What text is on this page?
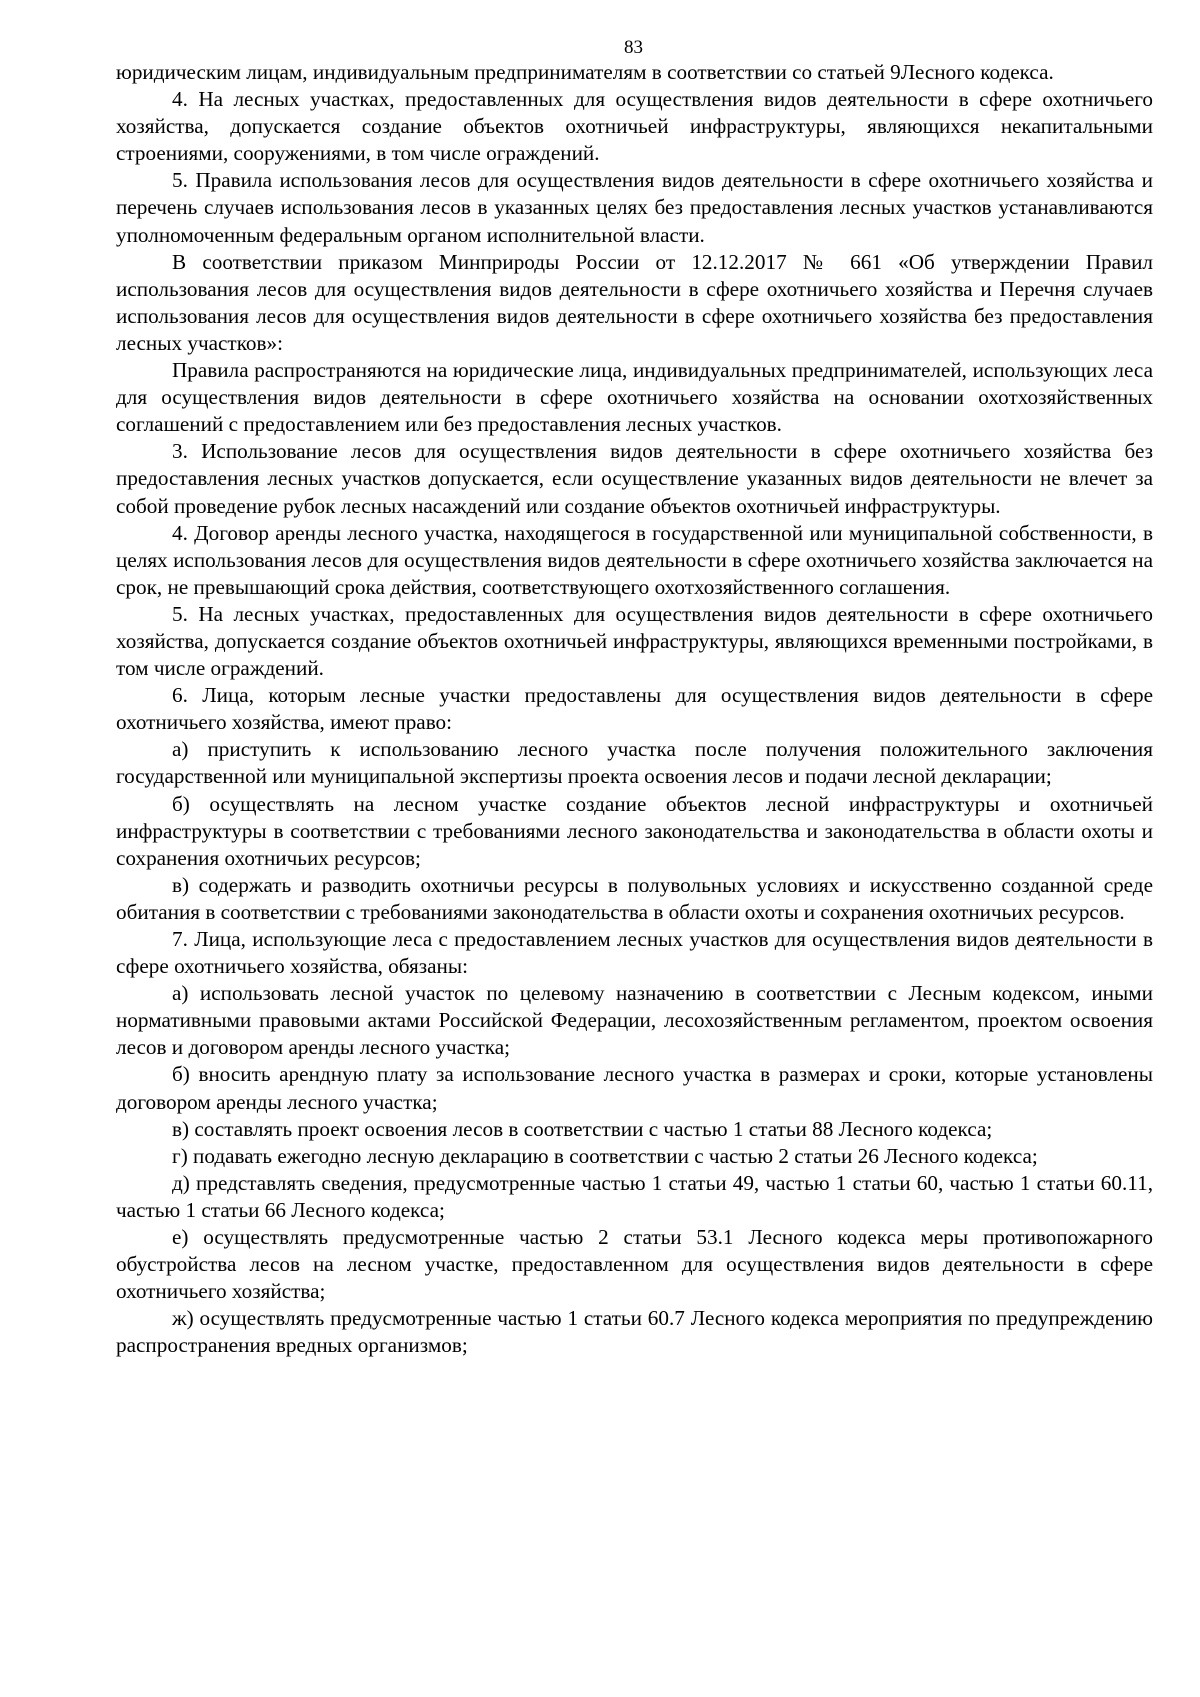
83

юридическим лицам, индивидуальным предпринимателям в соответствии со статьей 9Лесного кодекса.

4. На лесных участках, предоставленных для осуществления видов деятельности в сфере охотничьего хозяйства, допускается создание объектов охотничьей инфраструктуры, являющихся некапитальными строениями, сооружениями, в том числе ограждений.

5. Правила использования лесов для осуществления видов деятельности в сфере охотничьего хозяйства и перечень случаев использования лесов в указанных целях без предоставления лесных участков устанавливаются уполномоченным федеральным органом исполнительной власти.

В соответствии приказом Минприроды России от 12.12.2017 № 661 «Об утверждении Правил использования лесов для осуществления видов деятельности в сфере охотничьего хозяйства и Перечня случаев использования лесов для осуществления видов деятельности в сфере охотничьего хозяйства без предоставления лесных участков»:

Правила распространяются на юридические лица, индивидуальных предпринимателей, использующих леса для осуществления видов деятельности в сфере охотничьего хозяйства на основании охотхозяйственных соглашений с предоставлением или без предоставления лесных участков.

3. Использование лесов для осуществления видов деятельности в сфере охотничьего хозяйства без предоставления лесных участков допускается, если осуществление указанных видов деятельности не влечет за собой проведение рубок лесных насаждений или создание объектов охотничьей инфраструктуры.

4. Договор аренды лесного участка, находящегося в государственной или муниципальной собственности, в целях использования лесов для осуществления видов деятельности в сфере охотничьего хозяйства заключается на срок, не превышающий срока действия, соответствующего охотхозяйственного соглашения.

5. На лесных участках, предоставленных для осуществления видов деятельности в сфере охотничьего хозяйства, допускается создание объектов охотничьей инфраструктуры, являющихся временными постройками, в том числе ограждений.

6. Лица, которым лесные участки предоставлены для осуществления видов деятельности в сфере охотничьего хозяйства, имеют право:

а) приступить к использованию лесного участка после получения положительного заключения государственной или муниципальной экспертизы проекта освоения лесов и подачи лесной декларации;

б) осуществлять на лесном участке создание объектов лесной инфраструктуры и охотничьей инфраструктуры в соответствии с требованиями лесного законодательства и законодательства в области охоты и сохранения охотничьих ресурсов;

в) содержать и разводить охотничьи ресурсы в полувольных условиях и искусственно созданной среде обитания в соответствии с требованиями законодательства в области охоты и сохранения охотничьих ресурсов.

7. Лица, использующие леса с предоставлением лесных участков для осуществления видов деятельности в сфере охотничьего хозяйства, обязаны:

а) использовать лесной участок по целевому назначению в соответствии с Лесным кодексом, иными нормативными правовыми актами Российской Федерации, лесохозяйственным регламентом, проектом освоения лесов и договором аренды лесного участка;

б) вносить арендную плату за использование лесного участка в размерах и сроки, которые установлены договором аренды лесного участка;

в) составлять проект освоения лесов в соответствии с частью 1 статьи 88 Лесного кодекса;

г) подавать ежегодно лесную декларацию в соответствии с частью 2 статьи 26 Лесного кодекса;

д) представлять сведения, предусмотренные частью 1 статьи 49, частью 1 статьи 60, частью 1 статьи 60.11, частью 1 статьи 66 Лесного кодекса;

е) осуществлять предусмотренные частью 2 статьи 53.1 Лесного кодекса меры противопожарного обустройства лесов на лесном участке, предоставленном для осуществления видов деятельности в сфере охотничьего хозяйства;

ж) осуществлять предусмотренные частью 1 статьи 60.7 Лесного кодекса мероприятия по предупреждению распространения вредных организмов;
